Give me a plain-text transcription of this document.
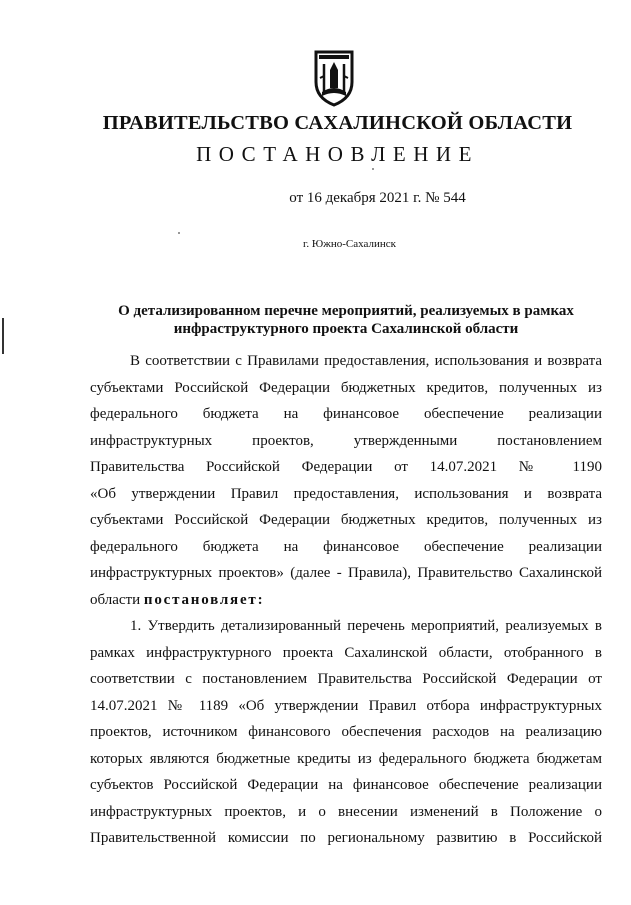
ПРАВИТЕЛЬСТВО САХАЛИНСКОЙ ОБЛАСТИ
ПОСТАНОВЛЕНИЕ
от 16 декабря 2021 г. № 544
г. Южно-Сахалинск
О детализированном перечне мероприятий, реализуемых в рамках
инфраструктурного проекта Сахалинской области
В соответствии с Правилами предоставления, использования и возврата
субъектами Российской Федерации бюджетных кредитов, полученных из
федерального бюджета на финансовое обеспечение реализации
инфраструктурных проектов, утвержденными постановлением
Правительства Российской Федерации от 14.07.2021 № 1190
«Об утверждении Правил предоставления, использования и возврата
субъектами Российской Федерации бюджетных кредитов, полученных из
федерального бюджета на финансовое обеспечение реализации
инфраструктурных проектов» (далее - Правила), Правительство Сахалинской
области постановляет:
1. Утвердить детализированный перечень мероприятий, реализуемых в
рамках инфраструктурного проекта Сахалинской области, отобранного в
соответствии с постановлением Правительства Российской Федерации от
14.07.2021 № 1189 «Об утверждении Правил отбора инфраструктурных
проектов, источником финансового обеспечения расходов на реализацию
которых являются бюджетные кредиты из федерального бюджета бюджетам
субъектов Российской Федерации на финансовое обеспечение реализации
инфраструктурных проектов, и о внесении изменений в Положение о
Правительственной комиссии по региональному развитию в Российской
